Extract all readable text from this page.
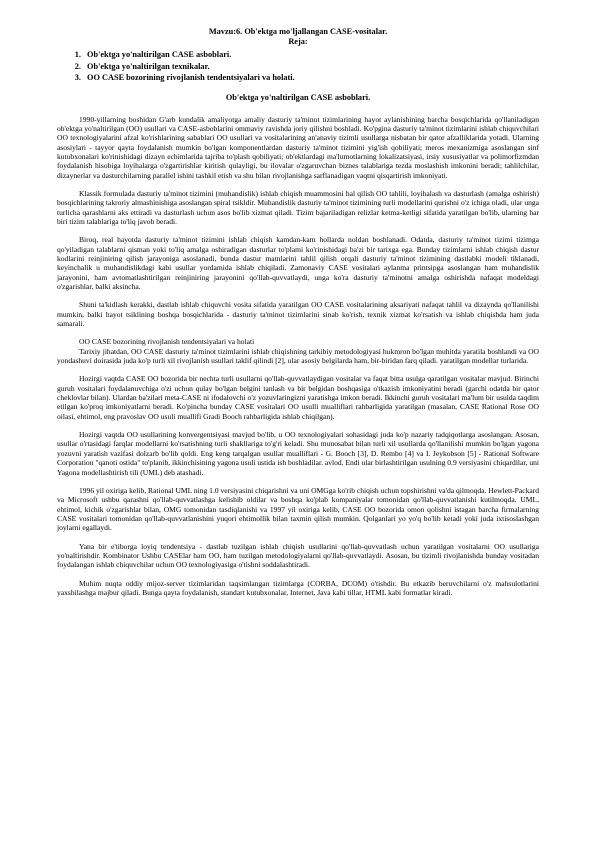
Mavzu:6. Ob'ektga mo'ljallangan CASE-vositalar.
Reja:
1. Ob'ektga yo'naltirilgan CASE asboblari.
2. Ob'ektga yo'naltirilgan texnikalar.
3. OO CASE bozorining rivojlanish tendentsiyalari va holati.
Ob'ektga yo'naltirilgan CASE asboblari.

1990-yillarning boshidan G'arb kundalik amaliyotga amaliy dasturiy ta'minot tizimlarining hayot aylanishining barcha bosqichlarida qo'llaniladigan ob'ektga yo'naltirilgan (OO) usullari va CASE-asboblarini ommaviy ravishda joriy qilishni boshladi. Ko'pgina dasturiy ta'minot tizimlarini ishlab chiquvchilari OO texnologiyalarini afzal ko'rishlarining sabablari OO usullari va vositalarining an'anaviy tizimli usullarga nisbatan bir qator afzalliklarida yotadi. Ularning asosiylari - tayyor qayta foydalanish mumkin bo'lgan komponentlardan dasturiy ta'minot tizimini yig'ish qobiliyati; meros mexanizmiga asoslangan sinf kutubxonalari ko'rinishidagi dizayn echimlarida tajriba to'plash qobiliyati; ob'ektlardagi ma'lumotlarning lokalizatsiyasi, irsiy xususiyatlar va polimorfizmdan foydalanish hisobiga loyihalarga o'zgartirishlar kiritish qulayligi, bu ilovalar o'zgaruvchan biznes talablariga tezda moslashish imkonini beradi; tahlilchilar, dizaynerlar va dasturchilarning parallel ishini tashkil etish va shu bilan rivojlanishga sarflanadigan vaqtni qisqartirish imkoniyati.

Klassik formulada dasturiy ta'minot tizimini (muhandislik) ishlab chiqish muammosini hal qilish OO tahlili, loyihalash va dasturlash (amalga oshirish) bosqichlarining takroriy almashinishiga asoslangan spiral tsikldir. Muhandislik dasturiy ta'minot tizimining turli modellarini qurishni o'z ichiga oladi, ular unga turlicha qarashlarni aks ettiradi va dasturlash uchun asos bo'lib xizmat qiladi. Tizim bajariladigan relizlar ketma-ketligi sifatida yaratilgan bo'lib, ularning har biri tizim talablariga to'liq javob beradi.

Biroq, real hayotda dasturiy ta'minot tizimini ishlab chiqish kamdan-kam hollarda noldan boshlanadi. Odatda, dasturiy ta'minot tizimi tizimga qo'yiladigan talablarni qisman yoki to'liq amalga oshiradigan dasturlar to'plami ko'rinishidagi ba'zi bir tarixga ega. Bunday tizimlarni ishlab chiqish dastur kodlarini reinjiniring qilish jarayoniga asoslanadi, bunda dastur matnlarini tahlil qilish orqali dasturiy ta'minot tizimining dastlabki modeli tiklanadi, keyinchalik u muhandislikdagi kabi usullar yordamida ishlab chiqiladi. Zamonaviy CASE vositalari aylanma printsipga asoslangan ham muhandislik jarayonini, ham avtomatlashtirilgan reinjiniring jarayonini qo'llab-quvvatlaydi, unga ko'ra dasturiy ta'minotni amalga oshirishda nafaqat modeldagi o'zgarishlar, balki aksincha.

Shuni ta'kidlash kerakki, dastlab ishlab chiquvchi vosita sifatida yaratilgan OO CASE vositalarining aksariyati nafaqat tahlil va dizaynda qo'llanilishi mumkin, balki hayot tsiklining boshqa bosqichlarida - dasturiy ta'minot tizimlarini sinab ko'rish, texnik xizmat ko'rsatish va ishlab chiqishda ham juda samarali.

OO CASE bozorining rivojlanish tendentsiyalari va holati

Tarixiy jihatdan, OO CASE dasturiy ta'minot tizimlarini ishlab chiqishning tarkibiy metodologiyasi hukmron bo'lgan muhitda yaratila boshlandi va OO yondashuvi doirasida juda ko'p turli xil rivojlanish usullari taklif qilindi [2], ular asosiy belgilarda ham, bir-biridan farq qiladi. yaratilgan modellar turlarida.

Hozirgi vaqtda CASE OO bozorida bir nechta turli usullarni qo'llab-quvvatlaydigan vositalar va faqat bitta usulga qaratilgan vositalar mavjud. Birinchi guruh vositalari foydalanuvchiga o'zi uchun qulay bo'lgan belgini tanlash va bir belgidan boshqasiga o'tkazish imkoniyatini beradi (garchi odatda bir qator cheklovlar bilan). Ulardan ba'zilari meta-CASE ni ifodalovchi o'z yozuvlaringizni yaratishga imkon beradi. Ikkinchi guruh vositalari ma'lum bir usulda taqdim etilgan ko'proq imkoniyatlarni beradi. Ko'pincha bunday CASE vositalari OO usulli mualliflari rahbarligida yaratilgan (masalan, CASE Rational Rose OO oilasi, ehtimol, eng pravoslav OO usuli muallifi Gradi Booch rahbarligida ishlab chiqilgan).

Hozirgi vaqtda OO usullarining konvergentsiyasi mavjud bo'lib, u OO texnologiyalari sohasidagi juda ko'p nazariy tadqiqotlarga asoslangan. Asosan, usullar o'rtasidagi farqlar modellarni ko'rsatishning turli shakllariga to'g'ri keladi. Shu munosabat bilan turli xil usullarda qo'llanilishi mumkin bo'lgan yagona yozuvni yaratish vazifasi dolzarb bo'lib qoldi. Eng keng tarqalgan usullar mualliflari - G. Booch [3], D. Rembo [4] va I. Jeykobson [5] - Rational Software Corporation "qanoti ostida" to'planib, ikkinchisining yagona usuli ustida ish boshladilar. avlod. Endi ular birlashtirilgan usulning 0.9 versiyasini chiqardilar, uni Yagona modellashtirish tili (UML) deb atashadi.

1996 yil oxiriga kelib, Rational UML ning 1.0 versiyasini chiqarishni va uni OMGga ko'rib chiqish uchun topshirishni va'da qilmoqda. Hewlett-Packard va Microsoft ushbu qarashni qo'llab-quvvatlashga kelishib oldilar va boshqa ko'plab kompaniyalar tomonidan qo'llab-quvvatlanishi kutilmoqda. UML, ehtimol, kichik o'zgarishlar bilan, OMG tomonidan tasdiqlanishi va 1997 yil oxiriga kelib, CASE OO bozorida omon qolishni istagan barcha firmalarning CASE vositalari tomonidan qo'llab-quvvatlanishini yuqori ehtimollik bilan taxmin qilish mumkin. Qolganlari yo yo'q bo'lib ketadi yoki juda ixtisoslashgan joylarni egallaydi.

Yana bir e'tiborga loyiq tendentsiya - dastlab tuzilgan ishlab chiqish usullarini qo'llab-quvvatlash uchun yaratilgan vositalarni OO usullariga yo'naltirishdir. Kombinator Ushbu CASElar ham OO, ham tuzilgan metodologiyalarni qo'llab-quvvatlaydi. Asosan, bu tizimli rivojlanishda bunday vositadan foydalangan ishlab chiquvchilar uchun OO texnologiyasiga o'tishni soddalashtiradi.

Muhim nuqta oddiy mijoz-server tizimlaridan taqsimlangan tizimlarga (CORBA, DCOM) o'tishdir. Bu etkazib beruvchilarni o'z mahsulotlarini yaxshilashga majbur qiladi. Bunga qayta foydalanish, standart kutubxonalar, Internet, Java kabi tillar, HTML kabi formatlar kiradi.
